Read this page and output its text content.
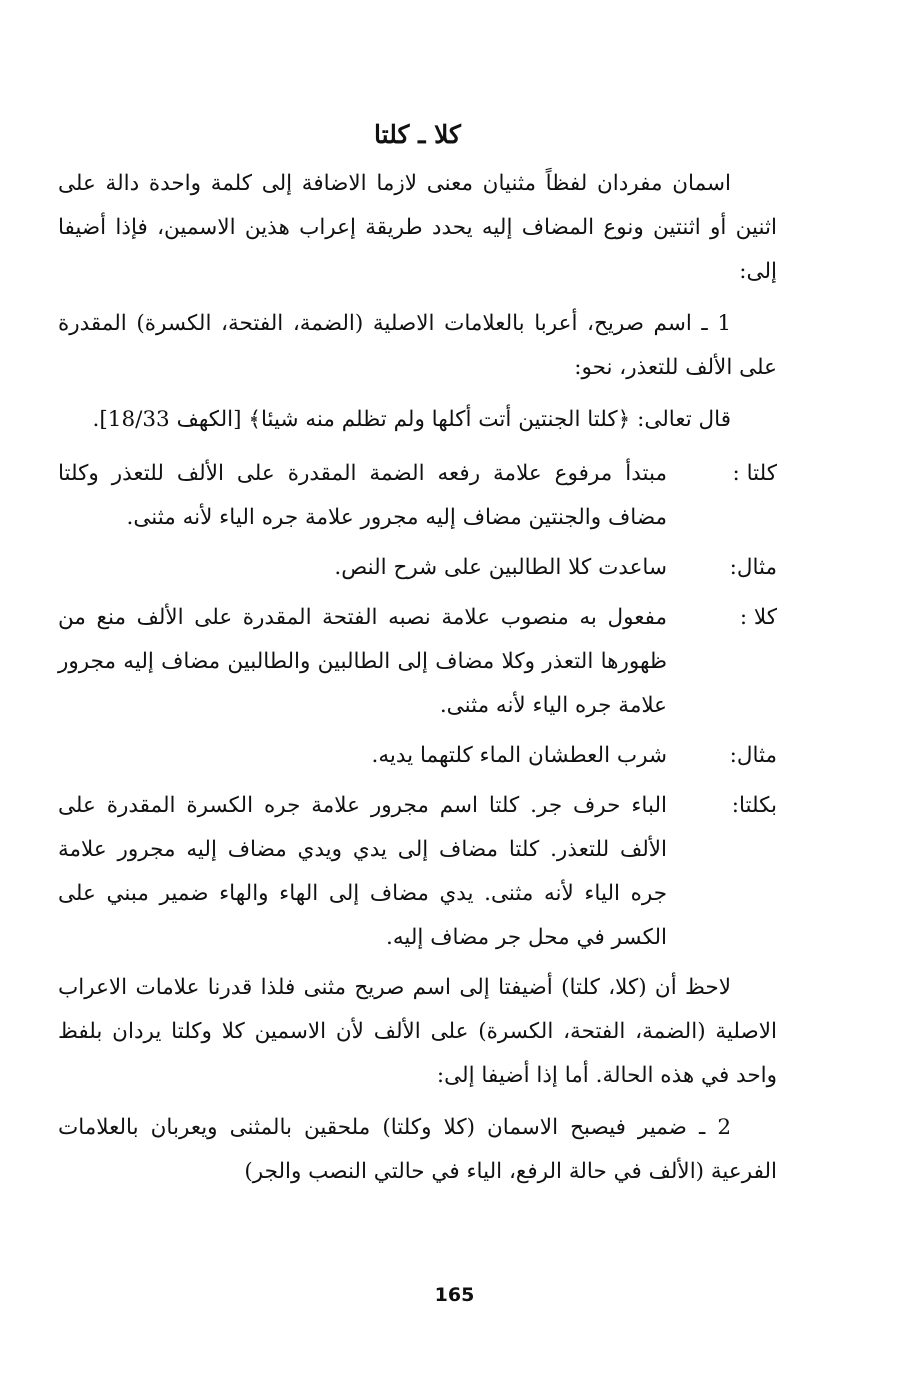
كلا ـ كلتا

اسمان مفردان لفظاً مثنيان معنى لازما الاضافة إلى كلمة واحدة دالة على اثنين أو اثنتين ونوع المضاف إليه يحدد طريقة إعراب هذين الاسمين، فإذا أضيفا إلى:

1 ـ اسم صريح، أعربا بالعلامات الاصلية (الضمة، الفتحة، الكسرة) المقدرة على الألف للتعذر، نحو:

قال تعالى: ﴿كلتا الجنتين أتت أكلها ولم تظلم منه شيئا﴾ [الكهف 18/33].

كلتا :
مبتدأ مرفوع علامة رفعه الضمة المقدرة على الألف للتعذر وكلتا مضاف والجنتين مضاف إليه مجرور علامة جره الياء لأنه مثنى.
مثال:
ساعدت كلا الطالبين على شرح النص.
كلا :
مفعول به منصوب علامة نصبه الفتحة المقدرة على الألف منع من ظهورها التعذر وكلا مضاف إلى الطالبين والطالبين مضاف إليه مجرور علامة جره الياء لأنه مثنى.
مثال:
شرب العطشان الماء كلتهما يديه.
بكلتا:
الباء حرف جر. كلتا اسم مجرور علامة جره الكسرة المقدرة على الألف للتعذر. كلتا مضاف إلى يدي ويدي مضاف إليه مجرور علامة جره الياء لأنه مثنى. يدي مضاف إلى الهاء والهاء ضمير مبني على الكسر في محل جر مضاف إليه.

لاحظ أن (كلا، كلتا) أضيفتا إلى اسم صريح مثنى فلذا قدرنا علامات الاعراب الاصلية (الضمة، الفتحة، الكسرة) على الألف لأن الاسمين كلا وكلتا يردان بلفظ واحد في هذه الحالة. أما إذا أضيفا إلى:

2 ـ ضمير فيصبح الاسمان (كلا وكلتا) ملحقين بالمثنى ويعربان بالعلامات الفرعية (الألف في حالة الرفع، الياء في حالتي النصب والجر)

165
